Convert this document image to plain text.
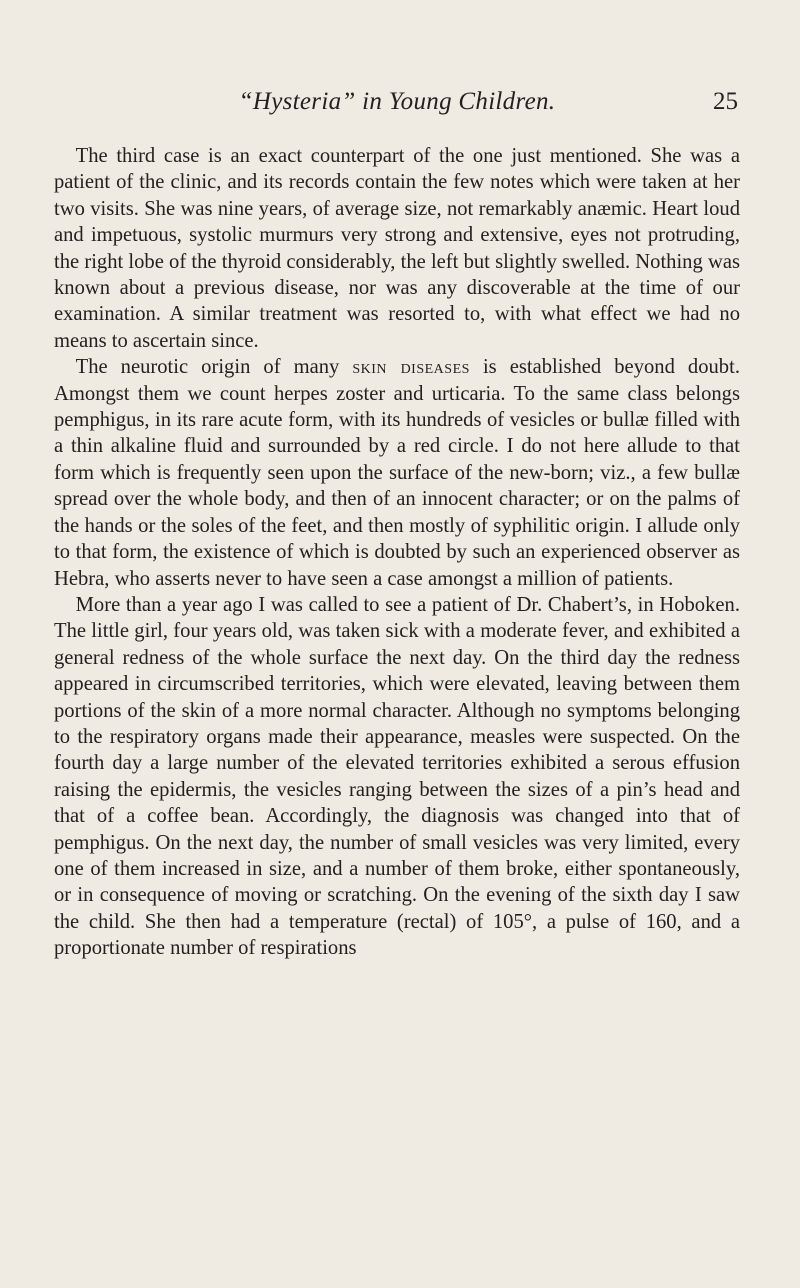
“Hysteria” in Young Children.	25

The third case is an exact counterpart of the one just mentioned. She was a patient of the clinic, and its records contain the few notes which were taken at her two visits. She was nine years, of average size, not remarkably anæmic. Heart loud and impetuous, systolic murmurs very strong and extensive, eyes not protruding, the right lobe of the thyroid considerably, the left but slightly swelled. Nothing was known about a previous disease, nor was any discoverable at the time of our examination. A similar treatment was resorted to, with what effect we had no means to ascertain since.

The neurotic origin of many skin diseases is established beyond doubt. Amongst them we count herpes zoster and urticaria. To the same class belongs pemphigus, in its rare acute form, with its hundreds of vesicles or bullæ filled with a thin alkaline fluid and surrounded by a red circle. I do not here allude to that form which is frequently seen upon the surface of the new-born; viz., a few bullæ spread over the whole body, and then of an innocent character; or on the palms of the hands or the soles of the feet, and then mostly of syphilitic origin. I allude only to that form, the existence of which is doubted by such an experienced observer as Hebra, who asserts never to have seen a case amongst a million of patients.

More than a year ago I was called to see a patient of Dr. Chabert’s, in Hoboken. The little girl, four years old, was taken sick with a moderate fever, and exhibited a general redness of the whole surface the next day. On the third day the redness appeared in circumscribed territories, which were elevated, leaving between them portions of the skin of a more normal character. Although no symptoms belonging to the respiratory organs made their appearance, measles were suspected. On the fourth day a large number of the elevated territories exhibited a serous effusion raising the epidermis, the vesicles ranging between the sizes of a pin’s head and that of a coffee bean. Accordingly, the diagnosis was changed into that of pemphigus. On the next day, the number of small vesicles was very limited, every one of them increased in size, and a number of them broke, either spontaneously, or in consequence of moving or scratching. On the evening of the sixth day I saw the child. She then had a temperature (rectal) of 105°, a pulse of 160, and a proportionate number of respirations
